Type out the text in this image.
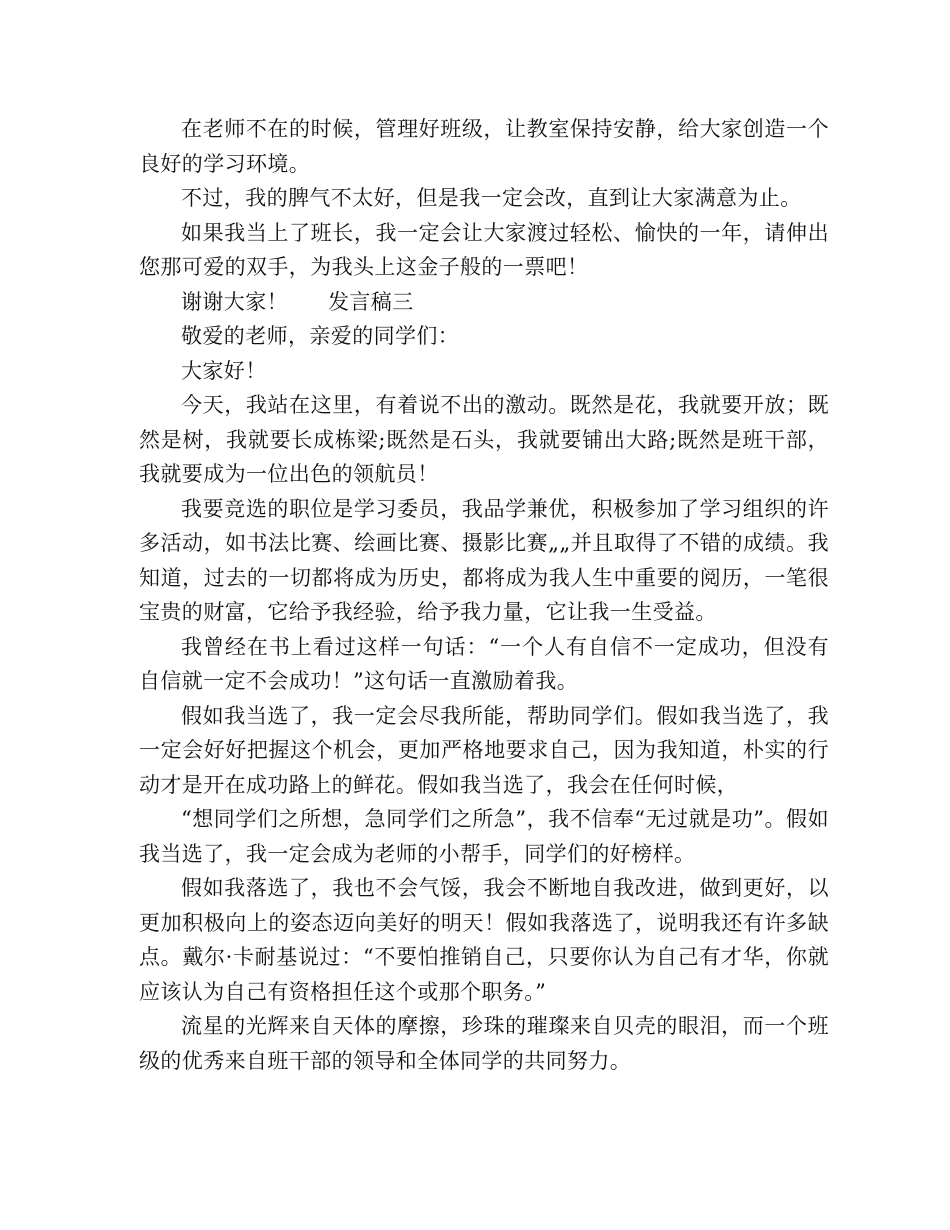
在老师不在的时候，管理好班级，让教室保持安静，给大家创造一个良好的学习环境。

不过，我的脾气不太好，但是我一定会改，直到让大家满意为止。

如果我当上了班长，我一定会让大家渡过轻松、愉快的一年，请伸出您那可爱的双手，为我头上这金子般的一票吧！

谢谢大家！ 发言稿三

敬爱的老师，亲爱的同学们：

大家好！

今天，我站在这里，有着说不出的激动。既然是花，我就要开放；既然是树，我就要长成栋梁;既然是石头，我就要铺出大路;既然是班干部，我就要成为一位出色的领航员！

我要竞选的职位是学习委员，我品学兼优，积极参加了学习组织的许多活动，如书法比赛、绘画比赛、摄影比赛„„并且取得了不错的成绩。我知道，过去的一切都将成为历史，都将成为我人生中重要的阅历，一笔很宝贵的财富，它给予我经验，给予我力量，它让我一生受益。

我曾经在书上看过这样一句话：“一个人有自信不一定成功，但没有自信就一定不会成功！”这句话一直激励着我。

假如我当选了，我一定会尽我所能，帮助同学们。假如我当选了，我一定会好好把握这个机会，更加严格地要求自己，因为我知道，朴实的行动才是开在成功路上的鲜花。假如我当选了，我会在任何时候，

“想同学们之所想，急同学们之所急”，我不信奉“无过就是功”。假如我当选了，我一定会成为老师的小帮手，同学们的好榜样。

假如我落选了，我也不会气馁，我会不断地自我改进，做到更好，以更加积极向上的姿态迈向美好的明天！假如我落选了，说明我还有许多缺点。戴尔·卡耐基说过：“不要怕推销自己，只要你认为自己有才华，你就应该认为自己有资格担任这个或那个职务。”

流星的光辉来自天体的摩擦，珍珠的璀璨来自贝壳的眼泪，而一个班级的优秀来自班干部的领导和全体同学的共同努力。
